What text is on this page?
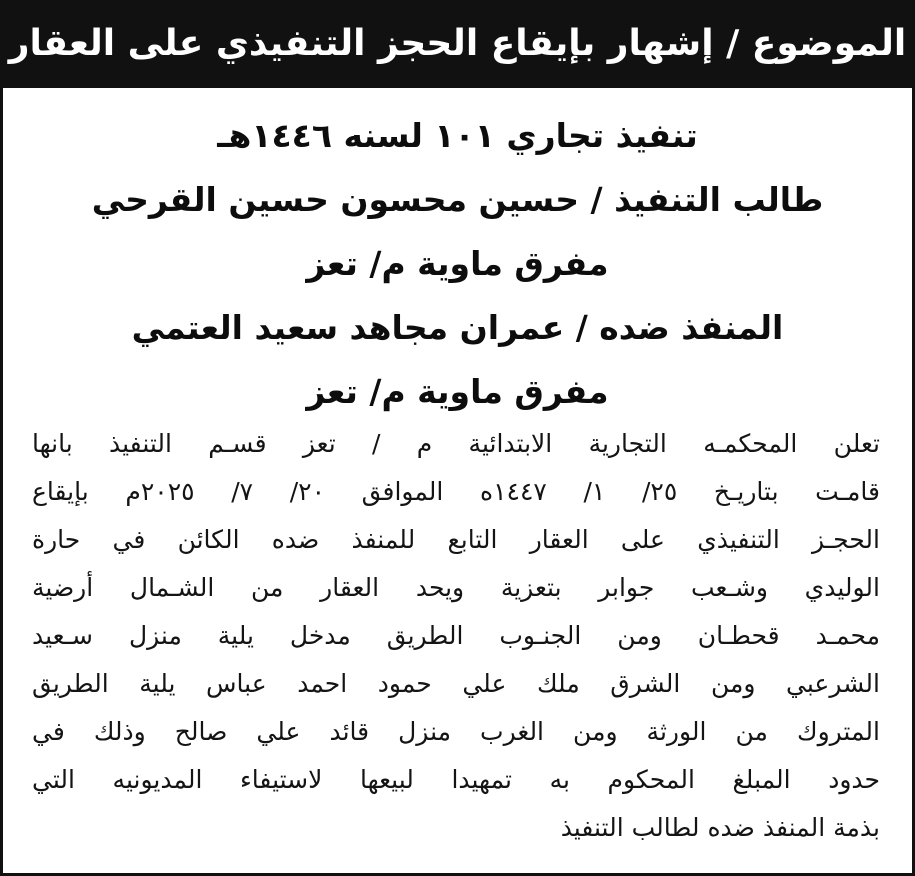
الموضوع / إشهار بإيقاع الحجز التنفيذي على العقار
تنفيذ تجاري ١٠١ لسنه ١٤٤٦هـ
طالب التنفيذ / حسين محسون حسين القرحي
مفرق ماوية م/ تعز
المنفذ ضده / عمران مجاهد سعيد العتمي
مفرق ماوية م/ تعز
تعلن المحكمـه التجارية الابتدائية م / تعز قسـم التنفيذ بانها
قامـت بتاريـخ ٢٥/ ١/ ١٤٤٧ه الموافق ٢٠/ ٧/ ٢٠٢٥م بإيقاع
الحجـز التنفيذي على العقار التابع للمنفذ ضده الكائن في حارة
الوليدي وشـعب جوابر بتعزية ويحد العقار من الشـمال أرضية
محمـد قحطـان ومن الجنـوب الطريق مدخل يلية منزل سـعيد
الشرعبي ومن الشرق ملك علي حمود احمد عباس يلية الطريق
المتروك من الورثة ومن الغرب منزل قائد علي صالح وذلك في
حدود المبلغ المحكوم به تمهيدا لبيعها لاستيفاء المديونيه التي
بذمة المنفذ ضده لطالب التنفيذ
